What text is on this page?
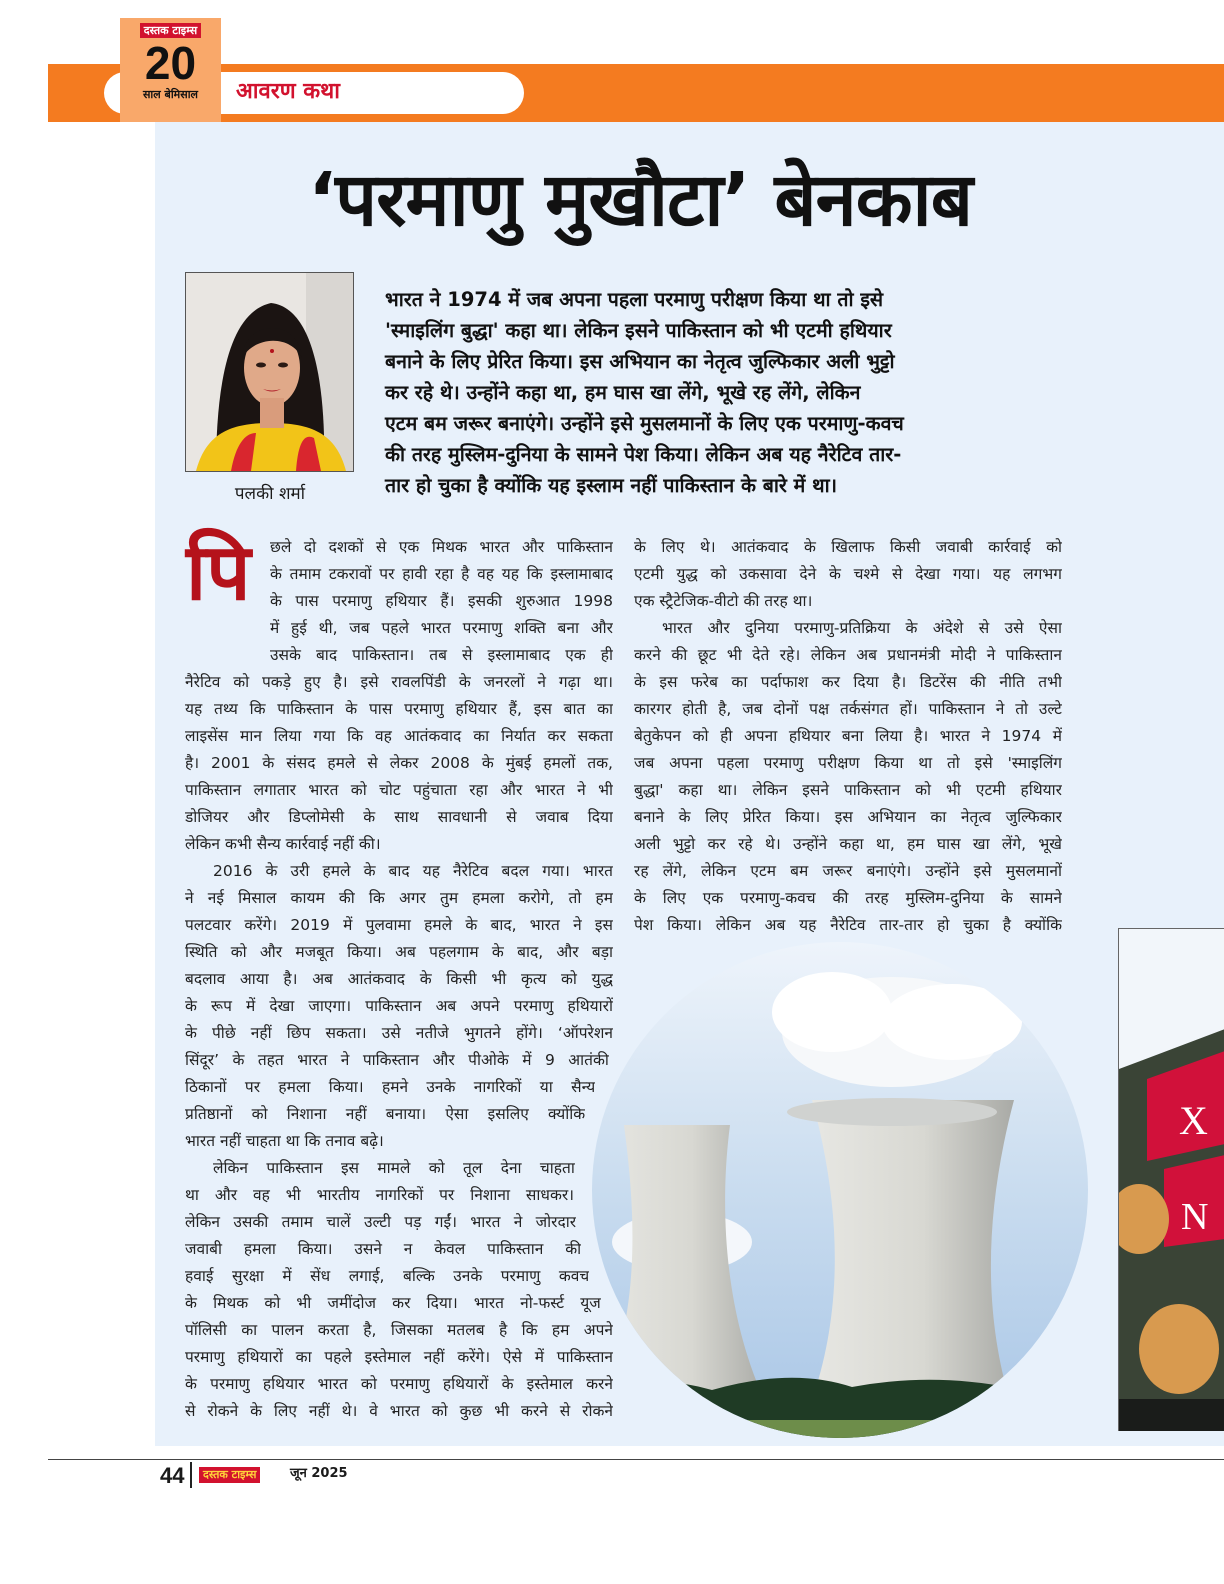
आवरण कथा
दस्तक टाइम्स
20
साल बेमिसाल
‘परमाणु मुखौटा’ बेनकाब
पलकी शर्मा
भारत ने 1974 में जब अपना पहला परमाणु परीक्षण किया था तो इसे
'स्माइलिंग बुद्धा' कहा था। लेकिन इसने पाकिस्तान को भी एटमी हथियार
बनाने के लिए प्रेरित किया। इस अभियान का नेतृत्व जुल्फिकार अली भुट्टो
कर रहे थे। उन्होंने कहा था, हम घास खा लेंगे, भूखे रह लेंगे, लेकिन
एटम बम जरूर बनाएंगे। उन्होंने इसे मुसलमानों के लिए एक परमाणु-कवच
की तरह मुस्लिम-दुनिया के सामने पेश किया। लेकिन अब यह नैरेटिव तार-
तार हो चुका है क्योंकि यह इस्लाम नहीं पाकिस्तान के बारे में था।
पि छले दो दशकों से एक मिथक भारत और पाकिस्तान
के तमाम टकरावों पर हावी रहा है वह यह कि इस्लामाबाद
के पास परमाणु हथियार हैं। इसकी शुरुआत 1998
में हुई थी, जब पहले भारत परमाणु शक्ति बना और
उसके बाद पाकिस्तान। तब से इस्लामाबाद एक ही
नैरेटिव को पकड़े हुए है। इसे रावलपिंडी के जनरलों ने गढ़ा था।
यह तथ्य कि पाकिस्तान के पास परमाणु हथियार हैं, इस बात का
लाइसेंस मान लिया गया कि वह आतंकवाद का निर्यात कर सकता
है। 2001 के संसद हमले से लेकर 2008 के मुंबई हमलों तक,
पाकिस्तान लगातार भारत को चोट पहुंचाता रहा और भारत ने भी
डोजियर और डिप्लोमेसी के साथ सावधानी से जवाब दिया
लेकिन कभी सैन्य कार्रवाई नहीं की।
2016 के उरी हमले के बाद यह नैरेटिव बदल गया। भारत
ने नई मिसाल कायम की कि अगर तुम हमला करोगे, तो हम
पलटवार करेंगे। 2019 में पुलवामा हमले के बाद, भारत ने इस
स्थिति को और मजबूत किया। अब पहलगाम के बाद, और बड़ा
बदलाव आया है। अब आतंकवाद के किसी भी कृत्य को युद्ध
के रूप में देखा जाएगा। पाकिस्तान अब अपने परमाणु हथियारों
के पीछे नहीं छिप सकता। उसे नतीजे भुगतने होंगे। ‘ऑपरेशन
सिंदूर’ के तहत भारत ने पाकिस्तान और पीओके में 9 आतंकी
ठिकानों पर हमला किया। हमने उनके नागरिकों या सैन्य
प्रतिष्ठानों को निशाना नहीं बनाया। ऐसा इसलिए क्योंकि
भारत नहीं चाहता था कि तनाव बढ़े।
लेकिन पाकिस्तान इस मामले को तूल देना चाहता
था और वह भी भारतीय नागरिकों पर निशाना साधकर।
लेकिन उसकी तमाम चालें उल्टी पड़ गईं। भारत ने जोरदार
जवाबी हमला किया। उसने न केवल पाकिस्तान की
हवाई सुरक्षा में सेंध लगाई, बल्कि उनके परमाणु कवच
के मिथक को भी जमींदोज कर दिया। भारत नो-फर्स्ट यूज
पॉलिसी का पालन करता है, जिसका मतलब है कि हम अपने
परमाणु हथियारों का पहले इस्तेमाल नहीं करेंगे। ऐसे में पाकिस्तान
के परमाणु हथियार भारत को परमाणु हथियारों के इस्तेमाल करने
से रोकने के लिए नहीं थे। वे भारत को कुछ भी करने से रोकने
के लिए थे। आतंकवाद के खिलाफ किसी जवाबी कार्रवाई को
एटमी युद्ध को उकसावा देने के चश्मे से देखा गया। यह लगभग
एक स्ट्रैटेजिक-वीटो की तरह था।
भारत और दुनिया परमाणु-प्रतिक्रिया के अंदेशे से उसे ऐसा
करने की छूट भी देते रहे। लेकिन अब प्रधानमंत्री मोदी ने पाकिस्तान
के इस फरेब का पर्दाफाश कर दिया है। डिटरेंस की नीति तभी
कारगर होती है, जब दोनों पक्ष तर्कसंगत हों। पाकिस्तान ने तो उल्टे
बेतुकेपन को ही अपना हथियार बना लिया है। भारत ने 1974 में
जब अपना पहला परमाणु परीक्षण किया था तो इसे 'स्माइलिंग
बुद्धा' कहा था। लेकिन इसने पाकिस्तान को भी एटमी हथियार
बनाने के लिए प्रेरित किया। इस अभियान का नेतृत्व जुल्फिकार
अली भुट्टो कर रहे थे। उन्होंने कहा था, हम घास खा लेंगे, भूखे
रह लेंगे, लेकिन एटम बम जरूर बनाएंगे। उन्होंने इसे मुसलमानों
के लिए एक परमाणु-कवच की तरह मुस्लिम-दुनिया के सामने
पेश किया। लेकिन अब यह नैरेटिव तार-तार हो चुका है क्योंकि
X
N
44	दस्तक टाइम्स	जून 2025
